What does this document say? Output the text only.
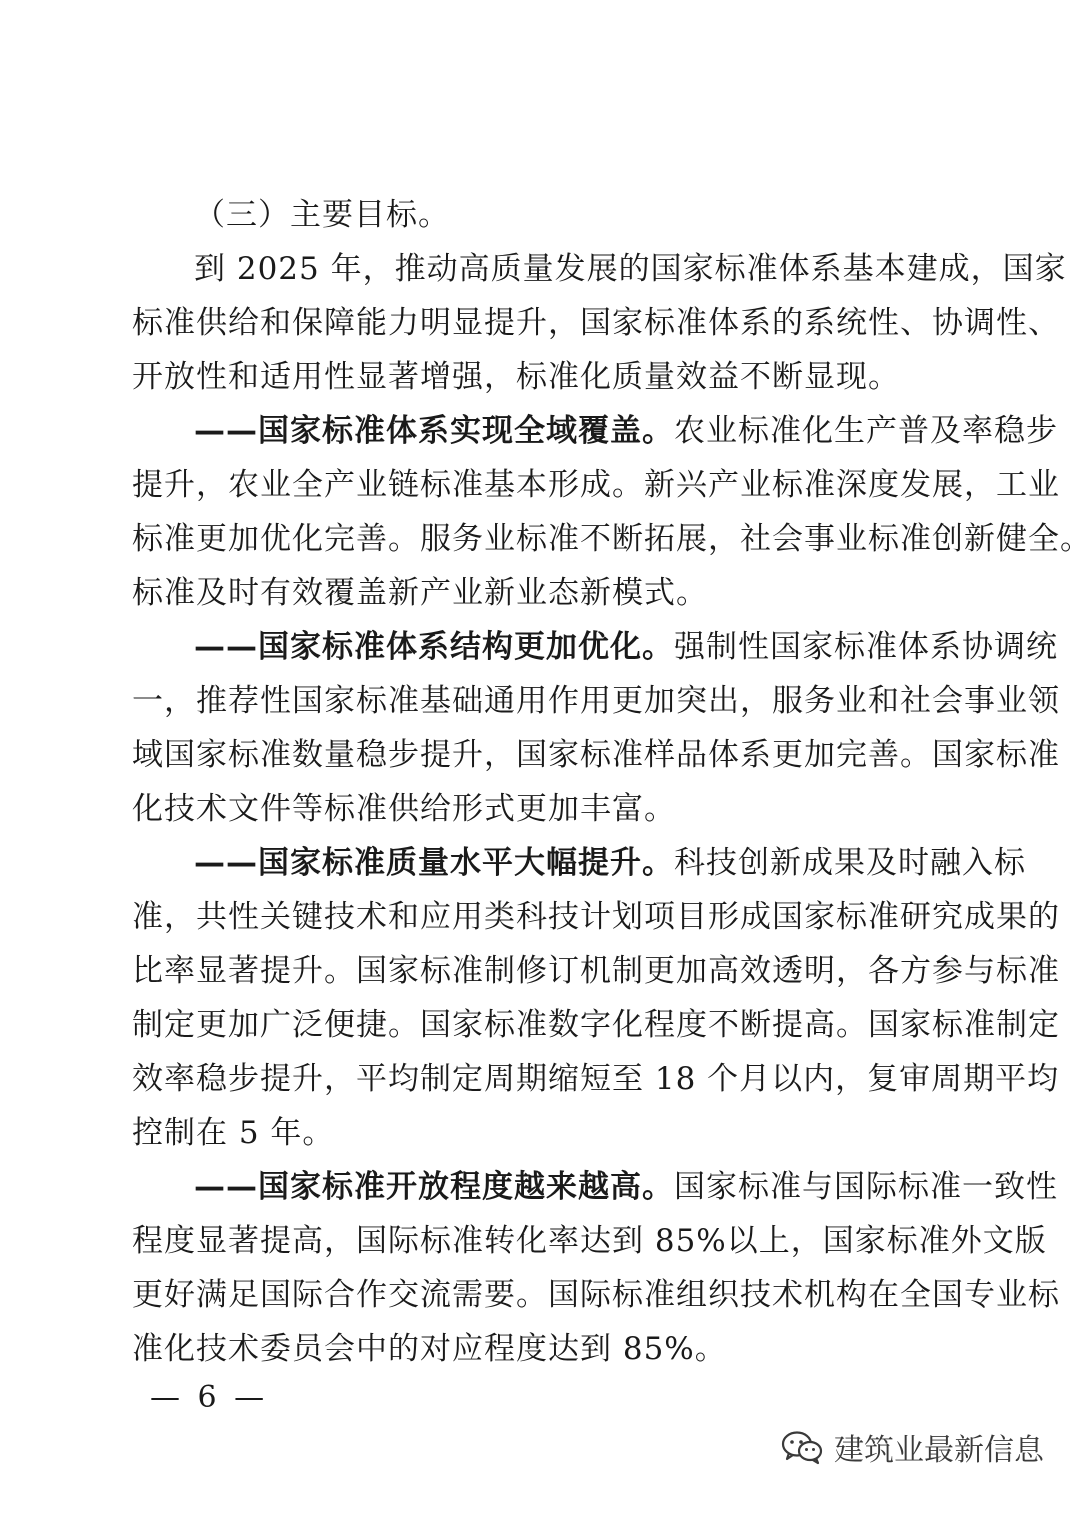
（三）主要目标。
到 2025 年，推动高质量发展的国家标准体系基本建成，国家
标准供给和保障能力明显提升，国家标准体系的系统性、协调性、
开放性和适用性显著增强，标准化质量效益不断显现。
——国家标准体系实现全域覆盖。农业标准化生产普及率稳步
提升，农业全产业链标准基本形成。新兴产业标准深度发展，工业
标准更加优化完善。服务业标准不断拓展，社会事业标准创新健全。
标准及时有效覆盖新产业新业态新模式。
——国家标准体系结构更加优化。强制性国家标准体系协调统
一，推荐性国家标准基础通用作用更加突出，服务业和社会事业领
域国家标准数量稳步提升，国家标准样品体系更加完善。国家标准
化技术文件等标准供给形式更加丰富。
——国家标准质量水平大幅提升。科技创新成果及时融入标
准，共性关键技术和应用类科技计划项目形成国家标准研究成果的
比率显著提升。国家标准制修订机制更加高效透明，各方参与标准
制定更加广泛便捷。国家标准数字化程度不断提高。国家标准制定
效率稳步提升，平均制定周期缩短至 18 个月以内，复审周期平均
控制在 5 年。
——国家标准开放程度越来越高。国家标准与国际标准一致性
程度显著提高，国际标准转化率达到 85%以上，国家标准外文版
更好满足国际合作交流需要。国际标准组织技术机构在全国专业标
准化技术委员会中的对应程度达到 85%。
— 6 —
建筑业最新信息
